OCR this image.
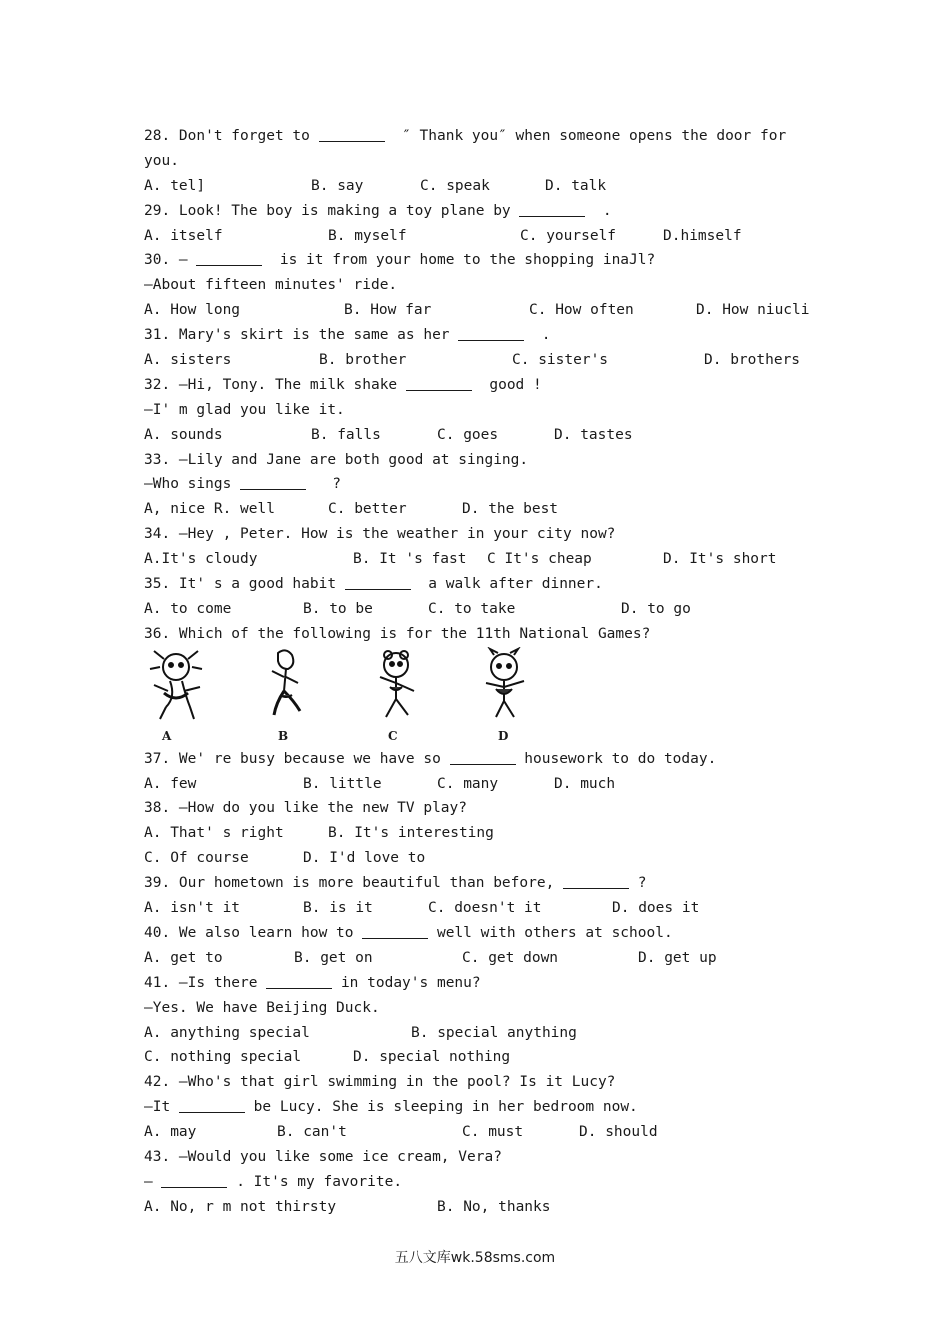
28. Don't forget to	″ Thank you″ when someone opens the door for
you.

A. tel]

	B. say

	C. speak

	D. talk

29. Look! The boy is making a toy plane by	.

A. itself

	B. myself

	C. yourself

	D.himself

30. —	is it from your home to the shopping inaJl?
—About fifteen minutes' ride.

A. How long

	B. How far

	C. How often

	D. How niucli

31. Mary's skirt is the same as her	.

A. sisters

	B. brother

	C. sister's

	D. brothers

32. —Hi, Tony. The milk shake	good !
—I' m glad you like it.

A. sounds

	B. falls

	C. goes

	D. tastes

33. —Lily and Jane are both good at singing.
—Who sings	?

A, nice R. well

	C. better

	D. the best

34. —Hey , Peter. How is the weather in your city now?

A.It's cloudy

	B. It 's fast

C It's cheap

	D. It's short

35. It' s a good habit	a walk after dinner.

A. to come

	B. to be

	C. to take

	D. to go

36. Which of the following is for the 11th National Games?
A	B	C	D
37. We' re busy because we have so	housework to do today.

A. few

	B. little

	C. many

	D. much

38. —How do you like the new TV play?

A. That' s right

	B. It's interesting

C. Of course

	D. I'd love to

39. Our hometown is more beautiful than before,	?

A. isn't it

	B. is it

	C. doesn't it

	D. does it

40. We also learn how to	well with others at school.

A. get to

	B. get on

	C. get down

	D. get up

41. —Is there	in today's menu?
—Yes. We have Beijing Duck.

A. anything special

	B. special anything

C. nothing special

	D. special nothing

42. —Who's that girl swimming in the pool? Is it Lucy?
—It	be Lucy. She is sleeping in her bedroom now.

A. may

	B. can't

	C. must

	D. should

43. —Would you like some ice cream, Vera?
—	. It's my favorite.

A. No, r m not thirsty

	B. No, thanks

五八文库wk.58sms.com
